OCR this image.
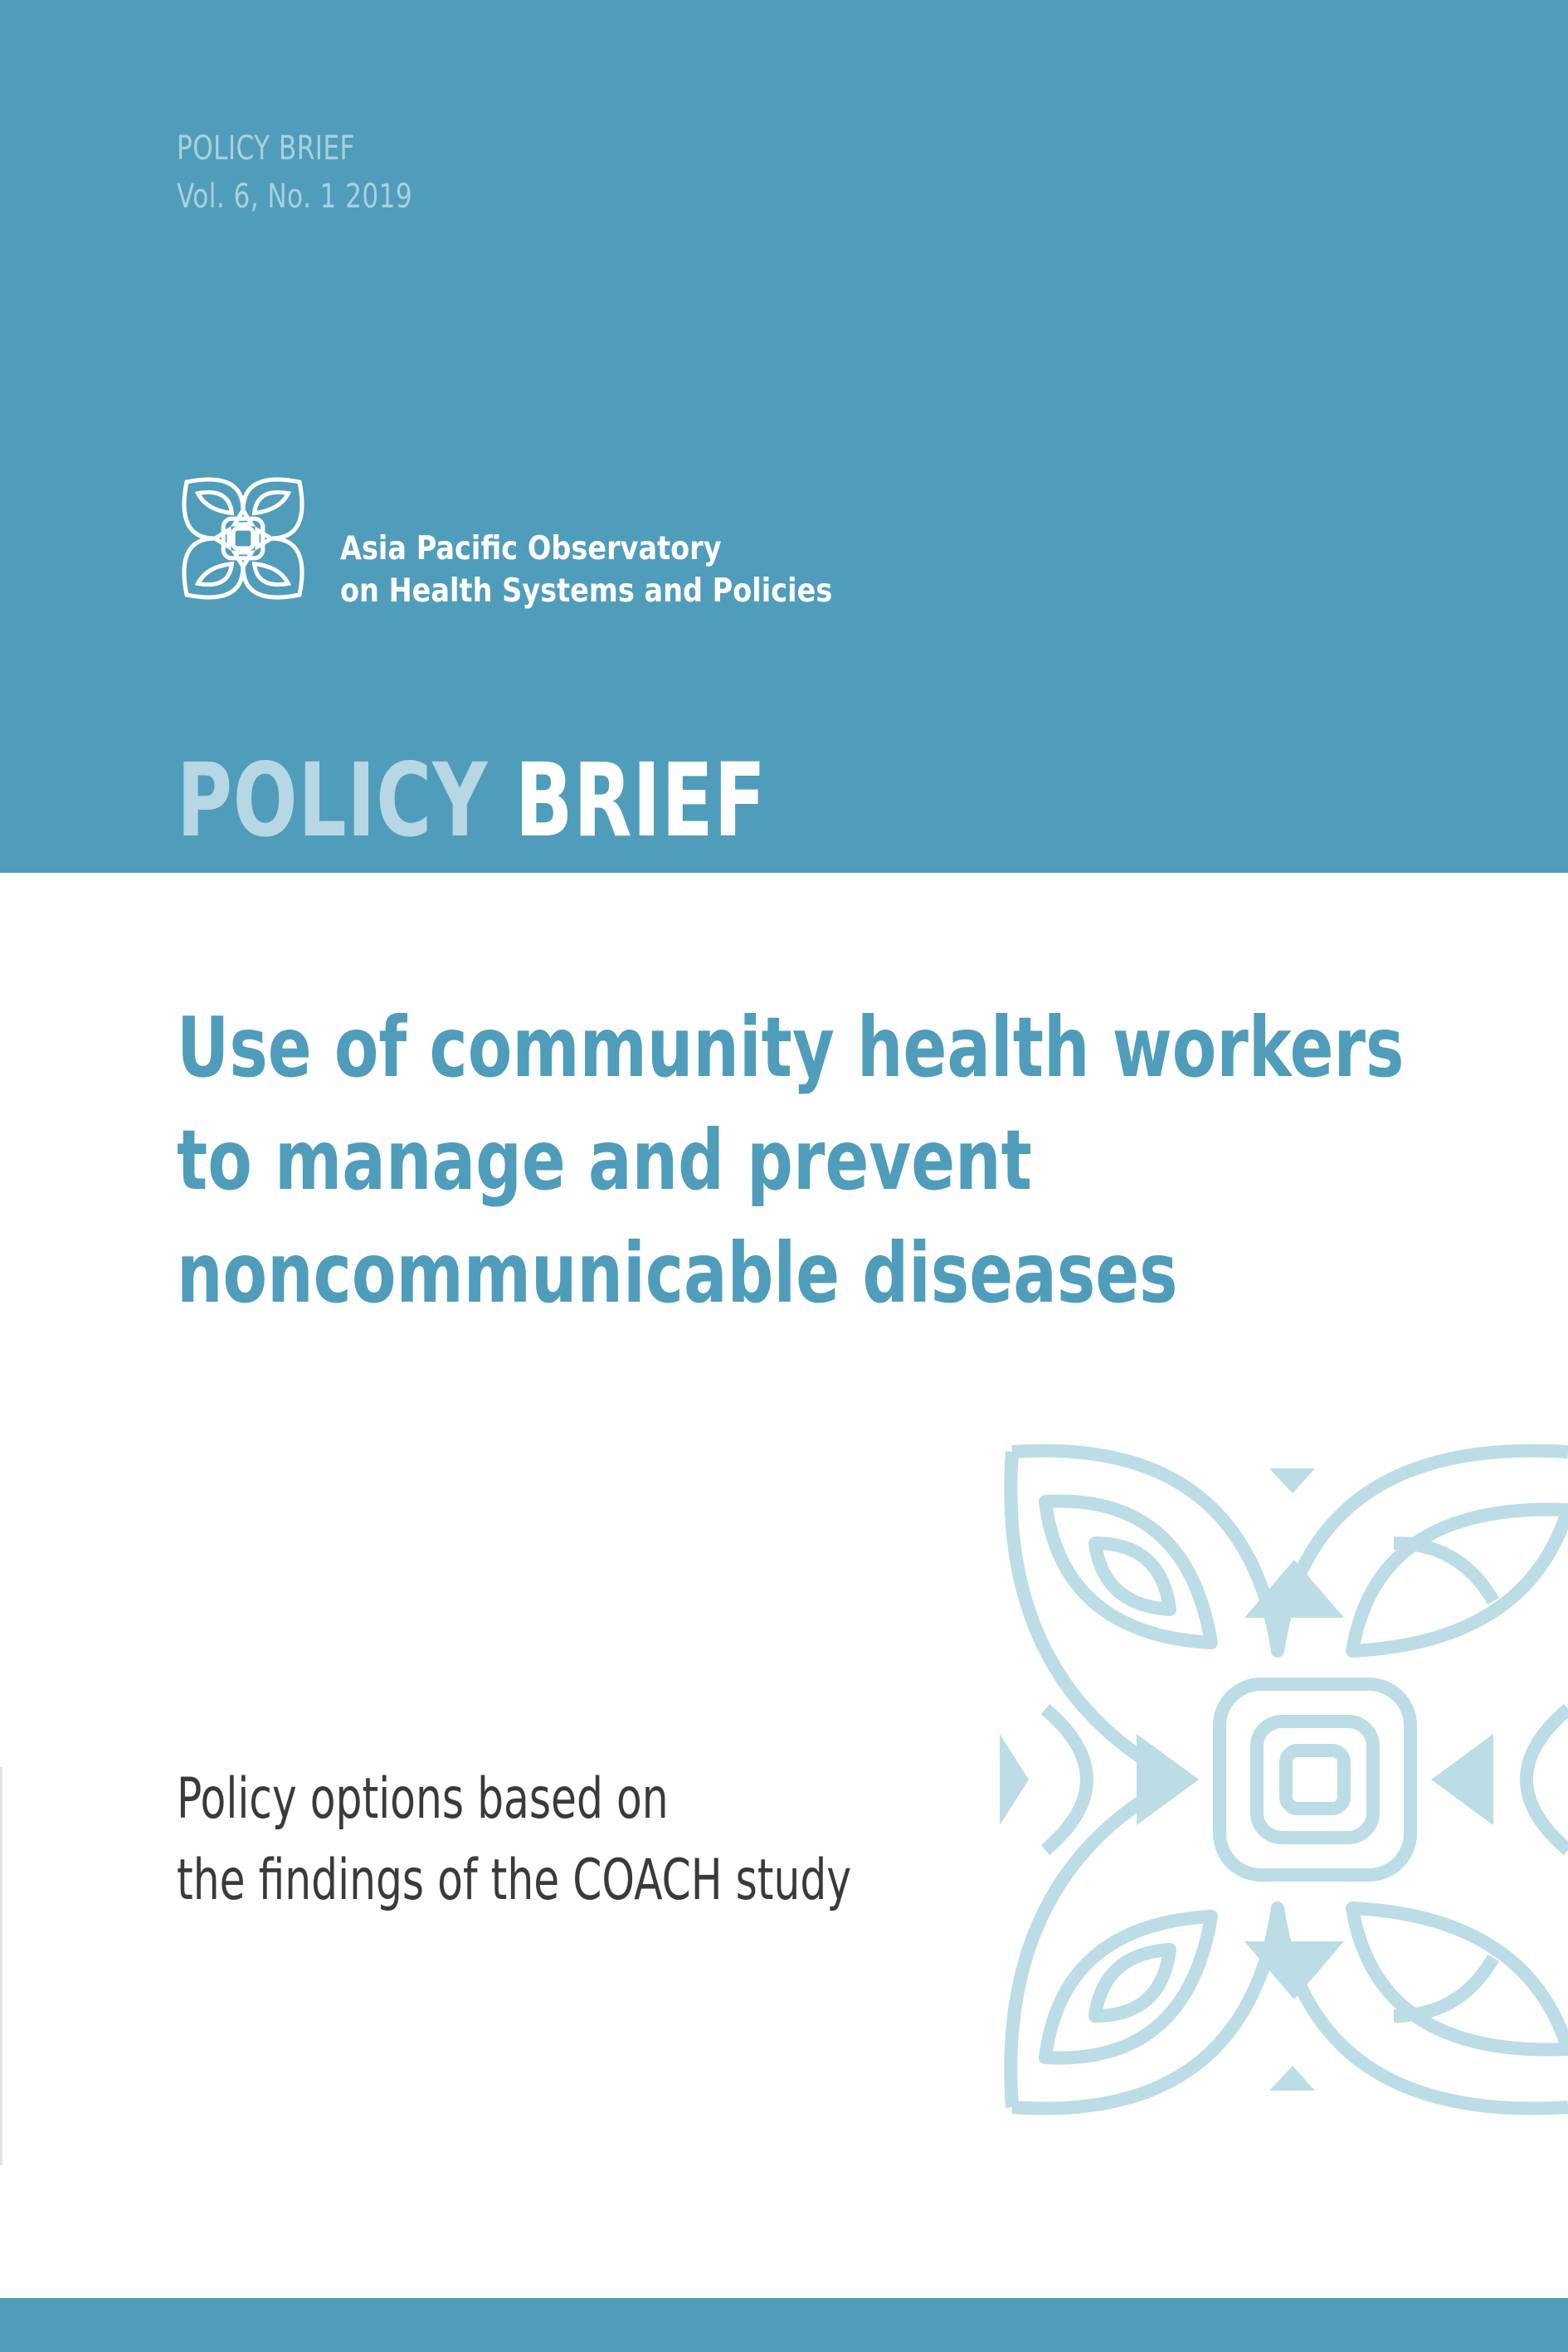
POLICY BRIEF
Vol. 6, No. 1 2019
Asia Pacific Observatory
on Health Systems and Policies
POLICY BRIEF
Use of community health workers
to manage and prevent
noncommunicable diseases
Policy options based on
the findings of the COACH study
